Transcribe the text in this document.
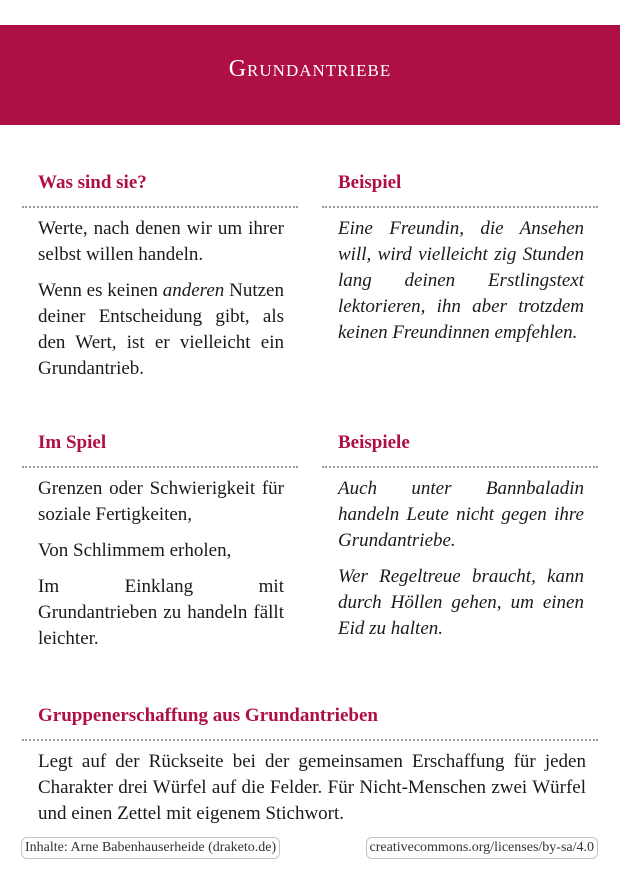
Grundantriebe
Was sind sie?

Werte, nach denen wir um ihrer selbst willen handeln.

Wenn es keinen anderen Nutzen deiner Entscheidung gibt, als den Wert, ist er vielleicht ein Grundantrieb.

Beispiel

Eine Freundin, die Ansehen will, wird vielleicht zig Stunden lang deinen Erstlingstext lektorieren, ihn aber trotzdem keinen Freundinnen empfehlen.

Im Spiel

Grenzen oder Schwierigkeit für soziale Fertigkeiten,

Von Schlimmem erholen,

Im Einklang mit Grundantrieben zu handeln fällt leichter.

Beispiele

Auch unter Bannbaladin handeln Leute nicht gegen ihre Grundantriebe.

Wer Regeltreue braucht, kann durch Höllen gehen, um einen Eid zu halten.

Gruppenerschaffung aus Grundantrieben

Legt auf der Rückseite bei der gemeinsamen Erschaffung für jeden Charakter drei Würfel auf die Felder. Für Nicht-Menschen zwei Würfel und einen Zettel mit eigenem Stichwort.

Inhalte: Arne Babenhauserheide (draketo.de)	creativecommons.org/licenses/by-sa/4.0
